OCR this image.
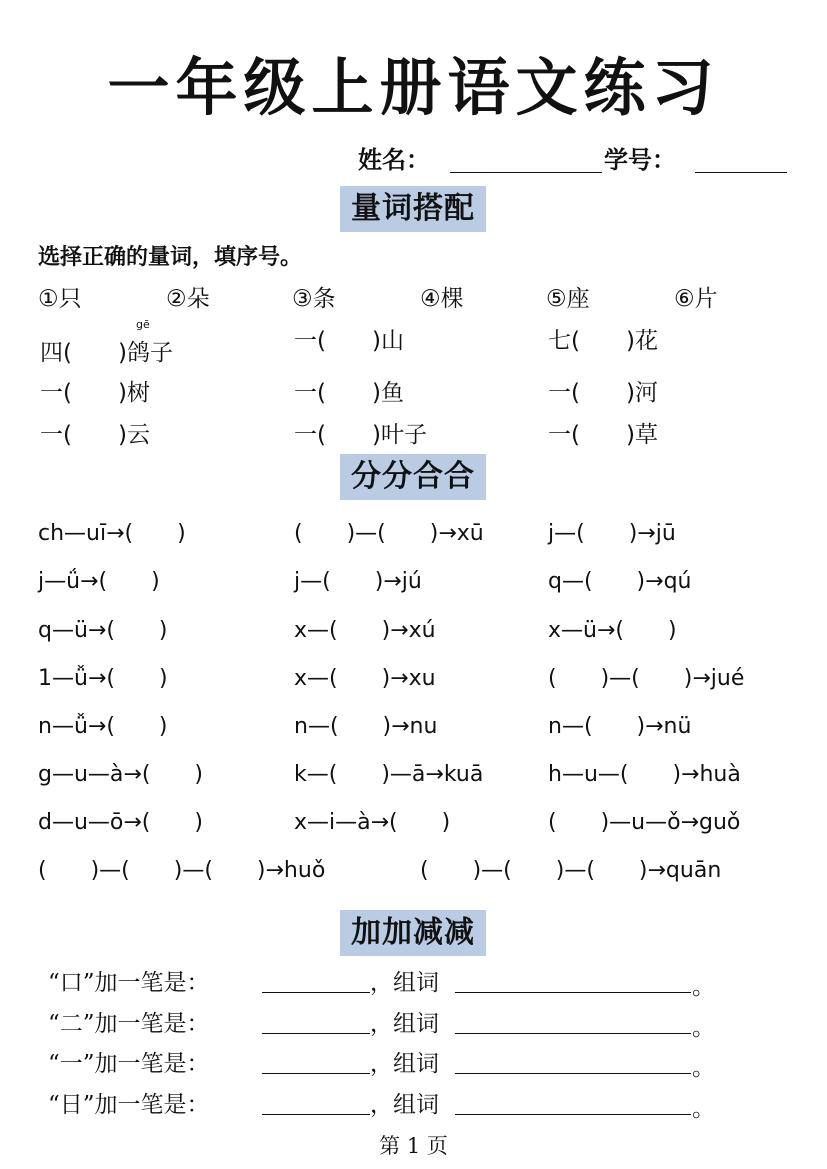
一年级上册语文练习
姓名：	学号：
量词搭配
选择正确的量词，填序号。
①只	②朵	③条	④棵	⑤座	⑥片
gē
四(　　)鸽子	一(　　)山	七(　　)花
一(　　)树	一(　　)鱼	一(　　)河
一(　　)云	一(　　)叶子	一(　　)草
分分合合
ch—uī→(　　)	(　　)—(　　)→xū	j—(　　)→jū
j—ǘ→(　　)	j—(　　)→jú	q—(　　)→qú
q—ü→(　　)	x—(　　)→xú	x—ü→(　　)
1—ǚ→(　　)	x—(　　)→xu	(　　)—(　　)→jué
n—ǚ→(　　)	n—(　　)→nu	n—(　　)→nü
g—u—à→(　　)	k—(　　)—ā→kuā	h—u—(　　)→huà
d—u—ō→(　　)	x—i—à→(　　)	(　　)—u—ǒ→guǒ
(　　)—(　　)—(　　)→huǒ	(　　)—(　　)—(　　)→quān
加加减减
“口”加一笔是：	，组词	。
“二”加一笔是：	，组词	。
“一”加一笔是：	，组词	。
“日”加一笔是：	，组词	。
第 1 页
